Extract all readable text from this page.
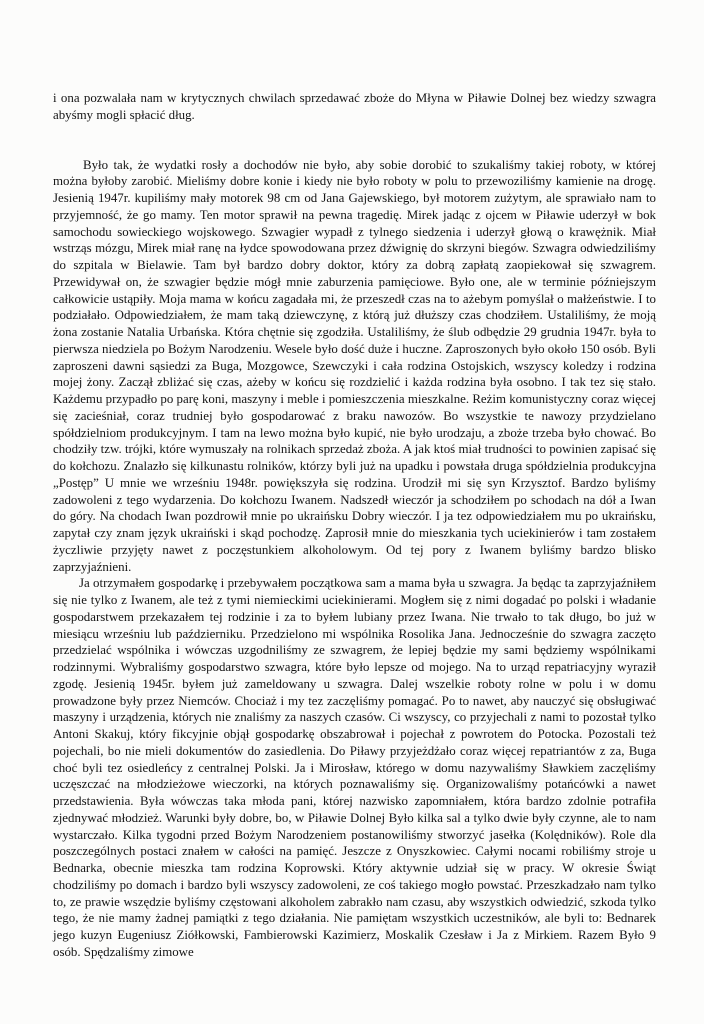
i ona pozwalała nam w krytycznych chwilach sprzedawać zboże do Młyna w Piławie Dolnej bez wiedzy szwagra abyśmy mogli spłacić dług.

Było tak, że wydatki rosły a dochodów nie było, aby sobie dorobić to szukaliśmy takiej roboty, w której można byłoby zarobić. Mieliśmy dobre konie i kiedy nie było roboty w polu to przewoziliśmy kamienie na drogę. Jesienią 1947r. kupiliśmy mały motorek 98 cm od Jana Gajewskiego, był motorem zużytym, ale sprawiało nam to przyjemność, że go mamy. Ten motor sprawił na pewna tragedię. Mirek jadąc z ojcem w Piławie uderzył w bok samochodu sowieckiego wojskowego. Szwagier wypadł z tylnego siedzenia i uderzył głową o krawężnik. Miał wstrząs mózgu, Mirek miał ranę na łydce spowodowana przez dźwignię do skrzyni biegów. Szwagra odwiedziliśmy do szpitala w Bielawie. Tam był bardzo dobry doktor, który za dobrą zapłatą zaopiekował się szwagrem. Przewidywał on, że szwagier będzie mógł mnie zaburzenia pamięciowe. Było one, ale w terminie późniejszym całkowicie ustąpiły. Moja mama w końcu zagadała mi, że przeszedł czas na to ażebym pomyślał o małżeństwie. I to podziałało. Odpowiedziałem, że mam taką dziewczynę, z którą już dłuższy czas chodziłem. Ustaliliśmy, że moją żona zostanie Natalia Urbańska. Która chętnie się zgodziła. Ustaliliśmy, że ślub odbędzie 29 grudnia 1947r. była to pierwsza niedziela po Bożym Narodzeniu. Wesele było dość duże i huczne. Zaproszonych było około 150 osób. Byli zaproszeni dawni sąsiedzi za Buga, Mozgowce, Szewczyki i cała rodzina Ostojskich, wszyscy koledzy i rodzina mojej żony. Zaczął zbliżać się czas, ażeby w końcu się rozdzielić i każda rodzina była osobno. I tak tez się stało. Każdemu przypadło po parę koni, maszyny i meble i pomieszczenia mieszkalne. Reżim komunistyczny coraz więcej się zacieśniał, coraz trudniej było gospodarować z braku nawozów. Bo wszystkie te nawozy przydzielano spółdzielniom produkcyjnym. I tam na lewo można było kupić, nie było urodzaju, a zboże trzeba było chować. Bo chodziły tzw. trójki, które wymuszały na rolnikach sprzedaż zboża. A jak ktoś miał trudności to powinien zapisać się do kołchozu. Znalazło się kilkunastu rolników, którzy byli już na upadku i powstała druga spółdzielnia produkcyjna „Postęp” U mnie we wrześniu 1948r. powiększyła się rodzina. Urodził mi się syn Krzysztof. Bardzo byliśmy zadowoleni z tego wydarzenia. Do kołchozu Iwanem. Nadszedł wieczór ja schodziłem po schodach na dół a Iwan do góry. Na chodach Iwan pozdrowił mnie po ukraińsku Dobry wieczór. I ja tez odpowiedziałem mu po ukraińsku, zapytał czy znam język ukraiński i skąd pochodzę. Zaprosił mnie do mieszkania tych uciekinierów i tam zostałem życzliwie przyjęty nawet z poczęstunkiem alkoholowym. Od tej pory z Iwanem byliśmy bardzo blisko zaprzyjaźnieni.

Ja otrzymałem gospodarkę i przebywałem początkowa sam a mama była u szwagra. Ja będąc ta zaprzyjaźniłem się nie tylko z Iwanem, ale też z tymi niemieckimi uciekinierami. Mogłem się z nimi dogadać po polski i władanie gospodarstwem przekazałem tej rodzinie i za to byłem lubiany przez Iwana. Nie trwało to tak długo, bo już w miesiącu wrześniu lub październiku. Przedzielono mi wspólnika Rosolika Jana. Jednocześnie do szwagra zaczęto przedzielać wspólnika i wówczas uzgodniliśmy ze szwagrem, że lepiej będzie my sami będziemy wspólnikami rodzinnymi. Wybraliśmy gospodarstwo szwagra, które było lepsze od mojego. Na to urząd repatriacyjny wyraził zgodę. Jesienią 1945r. byłem już zameldowany u szwagra. Dalej wszelkie roboty rolne w polu i w domu prowadzone były przez Niemców. Chociaż i my tez zaczęliśmy pomagać. Po to nawet, aby nauczyć się obsługiwać maszyny i urządzenia, których nie znaliśmy za naszych czasów. Ci wszyscy, co przyjechali z nami to pozostał tylko Antoni Skakuj, który fikcyjnie objął gospodarkę obszabrował i pojechał z powrotem do Potocka. Pozostali też pojechali, bo nie mieli dokumentów do zasiedlenia. Do Piławy przyjeżdżało coraz więcej repatriantów z za, Buga choć byli tez osiedleńcy z centralnej Polski. Ja i Mirosław, którego w domu nazywaliśmy Sławkiem zaczęliśmy uczęszczać na młodzieżowe wieczorki, na których poznawaliśmy się. Organizowaliśmy potańcówki a nawet przedstawienia. Była wówczas taka młoda pani, której nazwisko zapomniałem, która bardzo zdolnie potrafiła zjednywać młodzież. Warunki były dobre, bo, w Piławie Dolnej Było kilka sal a tylko dwie były czynne, ale to nam wystarczało. Kilka tygodni przed Bożym Narodzeniem postanowiliśmy stworzyć jasełka (Kolędników). Role dla poszczególnych postaci znałem w całości na pamięć. Jeszcze z Onyszkowiec. Całymi nocami robiliśmy stroje u Bednarka, obecnie mieszka tam rodzina Koprowski. Który aktywnie udział się w pracy. W okresie Świąt chodziliśmy po domach i bardzo byli wszyscy zadowoleni, ze coś takiego mogło powstać. Przeszkadzało nam tylko to, ze prawie wszędzie byliśmy częstowani alkoholem zabrakło nam czasu, aby wszystkich odwiedzić, szkoda tylko tego, że nie mamy żadnej pamiątki z tego działania. Nie pamiętam wszystkich uczestników, ale byli to: Bednarek jego kuzyn Eugeniusz Ziółkowski, Fambierowski Kazimierz, Moskalik Czesław i Ja z Mirkiem. Razem Było 9 osób. Spędzaliśmy zimowe
